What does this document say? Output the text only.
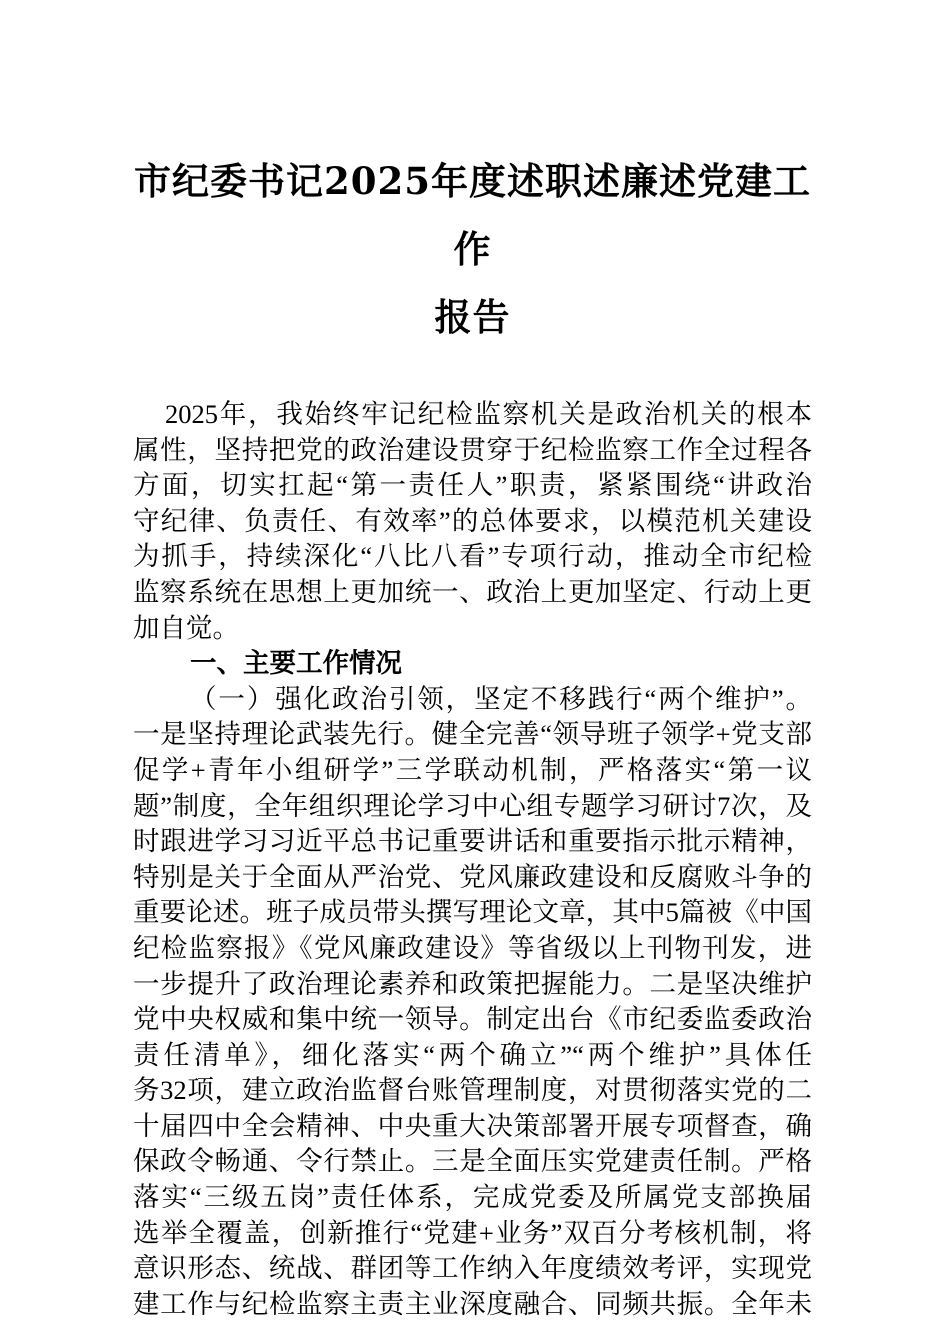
市纪委书记2025年度述职述廉述党建工作
报告
2025年，我始终牢记纪检监察机关是政治机关的根本
属性，坚持把党的政治建设贯穿于纪检监察工作全过程各
方面，切实扛起“第一责任人”职责，紧紧围绕“讲政治
守纪律、负责任、有效率”的总体要求，以模范机关建设
为抓手，持续深化“八比八看”专项行动，推动全市纪检
监察系统在思想上更加统一、政治上更加坚定、行动上更
加自觉。
一、主要工作情况
（一）强化政治引领，坚定不移践行“两个维护”。
一是坚持理论武装先行。健全完善“领导班子领学+党支部
促学+青年小组研学”三学联动机制，严格落实“第一议
题”制度，全年组织理论学习中心组专题学习研讨7次，及
时跟进学习习近平总书记重要讲话和重要指示批示精神，
特别是关于全面从严治党、党风廉政建设和反腐败斗争的
重要论述。班子成员带头撰写理论文章，其中5篇被《中国
纪检监察报》《党风廉政建设》等省级以上刊物刊发，进
一步提升了政治理论素养和政策把握能力。二是坚决维护
党中央权威和集中统一领导。制定出台《市纪委监委政治
责任清单》，细化落实“两个确立”“两个维护”具体任
务32项，建立政治监督台账管理制度，对贯彻落实党的二
十届四中全会精神、中央重大决策部署开展专项督查，确
保政令畅通、令行禁止。三是全面压实党建责任制。严格
落实“三级五岗”责任体系，完成党委及所属党支部换届
选举全覆盖，创新推行“党建+业务”双百分考核机制，将
意识形态、统战、群团等工作纳入年度绩效考评，实现党
建工作与纪检监察主责主业深度融合、同频共振。全年未
